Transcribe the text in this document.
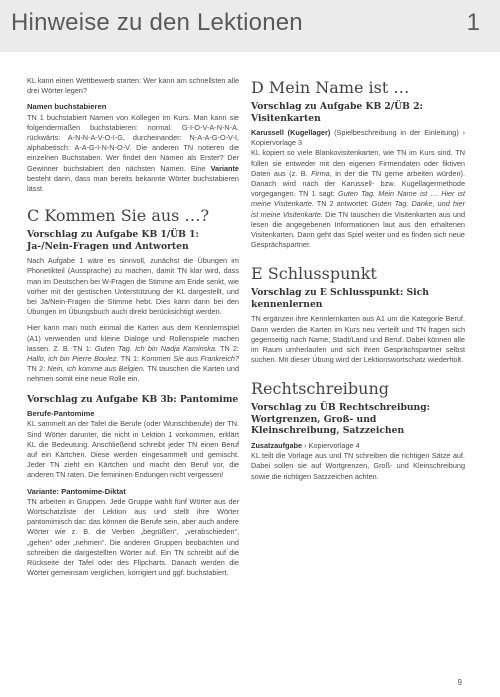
Hinweise zu den Lektionen	1

KL kann einen Wettbewerb starten: Wer kann am schnellsten alle drei Wörter legen?

Namen buchstabieren

TN 1 buchstabiert Namen von Kollegen im Kurs. Man kann sie folgendermaßen buchstabieren: normal: G-I-O-V-A-N-N-A, rückwärts: A-N-N-A-V-O-I-G, durcheinander: N-A-A-G-O-V-I, alphabetisch: A-A-G-I-N-N-O-V. Die anderen TN notieren die einzelnen Buchstaben. Wer findet den Namen als Erster? Der Gewinner buchstabiert den nächsten Namen. Eine Variante besteht darin, dass man bereits bekannte Wörter buchstabieren lässt.

C Kommen Sie aus …?
Vorschlag zu Aufgabe KB 1/ÜB 1: Ja-/Nein-Fragen und Antworten

Nach Aufgabe 1 wäre es sinnvoll, zunächst die Übungen im Phonetikteil (Aussprache) zu machen, damit TN klar wird, dass man im Deutschen bei W-Fragen die Stimme am Ende senkt, wie vorher mit der gestischen Unterstützung der KL dargestellt, und bei Ja/Nein-Fragen die Stimme hebt. Dies kann dann bei den Übungen im Übungsbuch auch direkt berücksichtigt werden.

Hier kann man noch einmal die Karten aus dem Kennlernspiel (A1) verwenden und kleine Dialoge und Rollenspiele machen lassen. Z. B. TN 1: Guten Tag. Ich bin Nadja Kaminska. TN 2: Hallo, ich bin Pierre Boulez. TN 1: Kommen Sie aus Frankreich? TN 2: Nein, ich komme aus Belgien. TN tauschen die Karten und nehmen somit eine neue Rolle ein.

Vorschlag zu Aufgabe KB 3b: Pantomime
Berufe-Pantomime

KL sammelt an der Tafel die Berufe (oder Wunschberufe) der TN. Sind Wörter darunter, die nicht in Lektion 1 vorkommen, erklärt KL die Bedeutung. Anschließend schreibt jeder TN einen Beruf auf ein Kärtchen. Diese werden eingesammelt und gemischt. Jeder TN zieht ein Kärtchen und macht den Beruf vor, die anderen TN raten. Die femininen Endungen nicht vergessen!

Variante: Pantomime-Diktat

TN arbeiten in Gruppen. Jede Gruppe wählt fünf Wörter aus der Wortschatzliste der Lektion aus und stellt ihre Wörter pantomimisch dar: das können die Berufe sein, aber auch andere Wörter wie z. B. die Verben „begrüßen“, „verabschieden“, „gehen“ oder „nehmen“. Die anderen Gruppen beobachten und schreiben die dargestellten Wörter auf. Ein TN schreibt auf die Rückseite der Tafel oder des Flipcharts. Danach werden die Wörter gemeinsam verglichen, korrigiert und ggf. buchstabiert.

D Mein Name ist …
Vorschlag zu Aufgabe KB 2/ÜB 2: Visitenkarten

Karussell (Kugellager) (Spielbeschreibung in der Einleitung) › Kopiervorlage 3

KL kopiert so viele Blankovisitenkarten, wie TN im Kurs sind. TN füllen sie entweder mit den eigenen Firmendaten oder fiktiven Daten aus (z. B. Firma, in der die TN gerne arbeiten würden). Danach wird nach der Karussell- bzw. Kugellagermethode vorgegangen. TN 1 sagt: Guten Tag. Mein Name ist … Hier ist meine Visitenkarte. TN 2 antwortet: Guten Tag. Danke, und hier ist meine Visitenkarte. Die TN tauschen die Visitenkarten aus und lesen die angegebenen Informationen laut aus den erhaltenen Visitenkarten. Dann geht das Spiel weiter und es finden sich neue Gesprächspartner.

E Schlusspunkt
Vorschlag zu E Schlusspunkt: Sich kennenlernen

TN ergänzen ihre Kennlernkarten aus A1 um die Kategorie Beruf. Dann werden die Karten im Kurs neu verteilt und TN fragen sich gegenseitig nach Name, Stadt/Land und Beruf. Dabei können alle im Raum umherlaufen und sich ihren Gesprächspartner selbst suchen. Mit dieser Übung wird der Lektionswortschatz wiederholt.

Rechtschreibung
Vorschlag zu ÜB Rechtschreibung: Wortgrenzen, Groß- und Kleinschreibung, Satzzeichen

Zusatzaufgabe › Kopiervorlage 4

KL teilt die Vorlage aus und TN schreiben die richtigen Sätze auf. Dabei sollen sie auf Wortgrenzen, Groß- und Kleinschreibung sowie die richtigen Satzzeichen achten.

9
